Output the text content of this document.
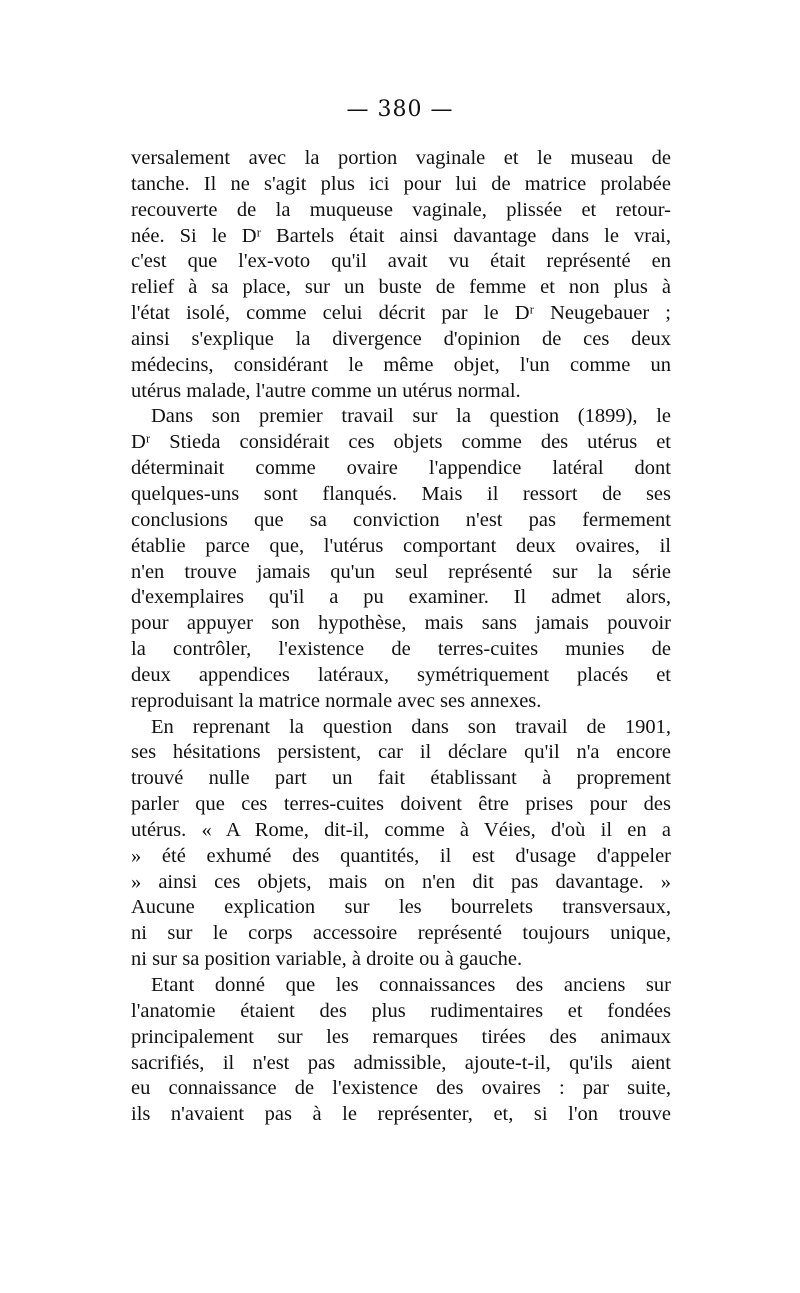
— 380 —
versalement avec la portion vaginale et le museau de
tanche. Il ne s'agit plus ici pour lui de matrice prolabée
recouverte de la muqueuse vaginale, plissée et retour-
née. Si le Dʳ Bartels était ainsi davantage dans le vrai,
c'est que l'ex-voto qu'il avait vu était représenté en
relief à sa place, sur un buste de femme et non plus à
l'état isolé, comme celui décrit par le Dʳ Neugebauer ;
ainsi s'explique la divergence d'opinion de ces deux
médecins, considérant le même objet, l'un comme un
utérus malade, l'autre comme un utérus normal.
Dans son premier travail sur la question (1899), le
Dʳ Stieda considérait ces objets comme des utérus et
déterminait comme ovaire l'appendice latéral dont
quelques-uns sont flanqués. Mais il ressort de ses
conclusions que sa conviction n'est pas fermement
établie parce que, l'utérus comportant deux ovaires, il
n'en trouve jamais qu'un seul représenté sur la série
d'exemplaires qu'il a pu examiner. Il admet alors,
pour appuyer son hypothèse, mais sans jamais pouvoir
la contrôler, l'existence de terres-cuites munies de
deux appendices latéraux, symétriquement placés et
reproduisant la matrice normale avec ses annexes.
En reprenant la question dans son travail de 1901,
ses hésitations persistent, car il déclare qu'il n'a encore
trouvé nulle part un fait établissant à proprement
parler que ces terres-cuites doivent être prises pour des
utérus. « A Rome, dit-il, comme à Véies, d'où il en a
» été exhumé des quantités, il est d'usage d'appeler
» ainsi ces objets, mais on n'en dit pas davantage. »
Aucune explication sur les bourrelets transversaux,
ni sur le corps accessoire représenté toujours unique,
ni sur sa position variable, à droite ou à gauche.
Etant donné que les connaissances des anciens sur
l'anatomie étaient des plus rudimentaires et fondées
principalement sur les remarques tirées des animaux
sacrifiés, il n'est pas admissible, ajoute-t-il, qu'ils aient
eu connaissance de l'existence des ovaires : par suite,
ils n'avaient pas à le représenter, et, si l'on trouve
